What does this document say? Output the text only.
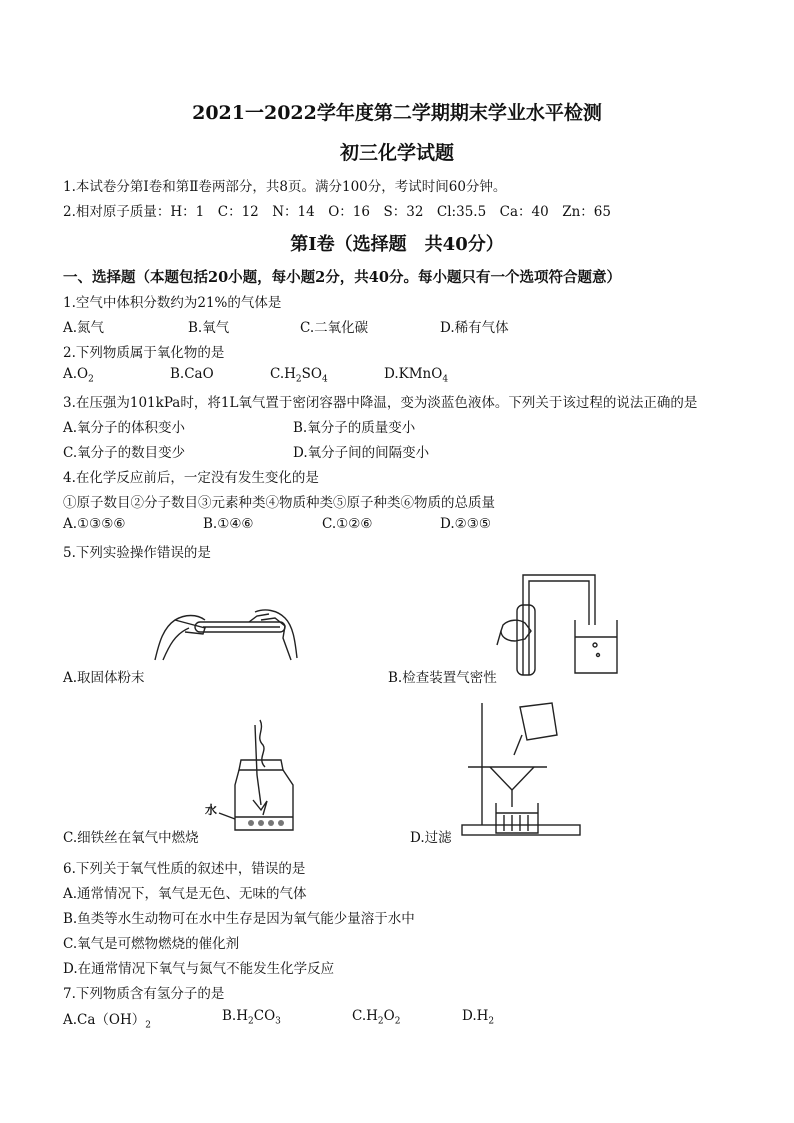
2021一2022学年度第二学期期末学业水平检测
初三化学试题
1.本试卷分第Ⅰ卷和第Ⅱ卷两部分，共8页。满分100分，考试时间60分钟。
2.相对原子质量：H：1　C：12　N：14　O：16　S：32　Cl:35.5　Ca：40　Zn：65
第Ⅰ卷（选择题　共40分）
一、选择题（本题包括20小题，每小题2分，共40分。每小题只有一个选项符合题意）
1.空气中体积分数约为21%的气体是
A.氮气	B.氧气	C.二氧化碳	D.稀有气体
2.下列物质属于氧化物的是
$A.O_2$	B.CaO	$C.H_2SO_4$	D.KMnO$_4$
3.在压强为101kPa时，将1L氧气置于密闭容器中降温，变为淡蓝色液体。下列关于该过程的说法正确的是
A.氧分子的体积变小	B.氧分子的质量变小
C.氧分子的数目变少	D.氧分子间的间隔变小
4.在化学反应前后，一定没有发生变化的是
①原子数目②分子数目③元素种类④物质种类⑤原子种类⑥物质的总质量
A.①③⑤⑥	B.①④⑥	C.①②⑥	D.②③⑤
5.下列实验操作错误的是
A.取固体粉末	B.检查装置气密性
水
C.细铁丝在氧气中燃烧	D.过滤
6.下列关于氧气性质的叙述中，错误的是
A.通常情况下，氧气是无色、无味的气体
B.鱼类等水生动物可在水中生存是因为氧气能少量溶于水中
C.氧气是可燃物燃烧的催化剂
D.在通常情况下氧气与氮气不能发生化学反应
7.下列物质含有氢分子的是
$A.Ca(OH)_2$
$B.H_2CO_3$	$C.H_2O_2$	$D.H_2$
